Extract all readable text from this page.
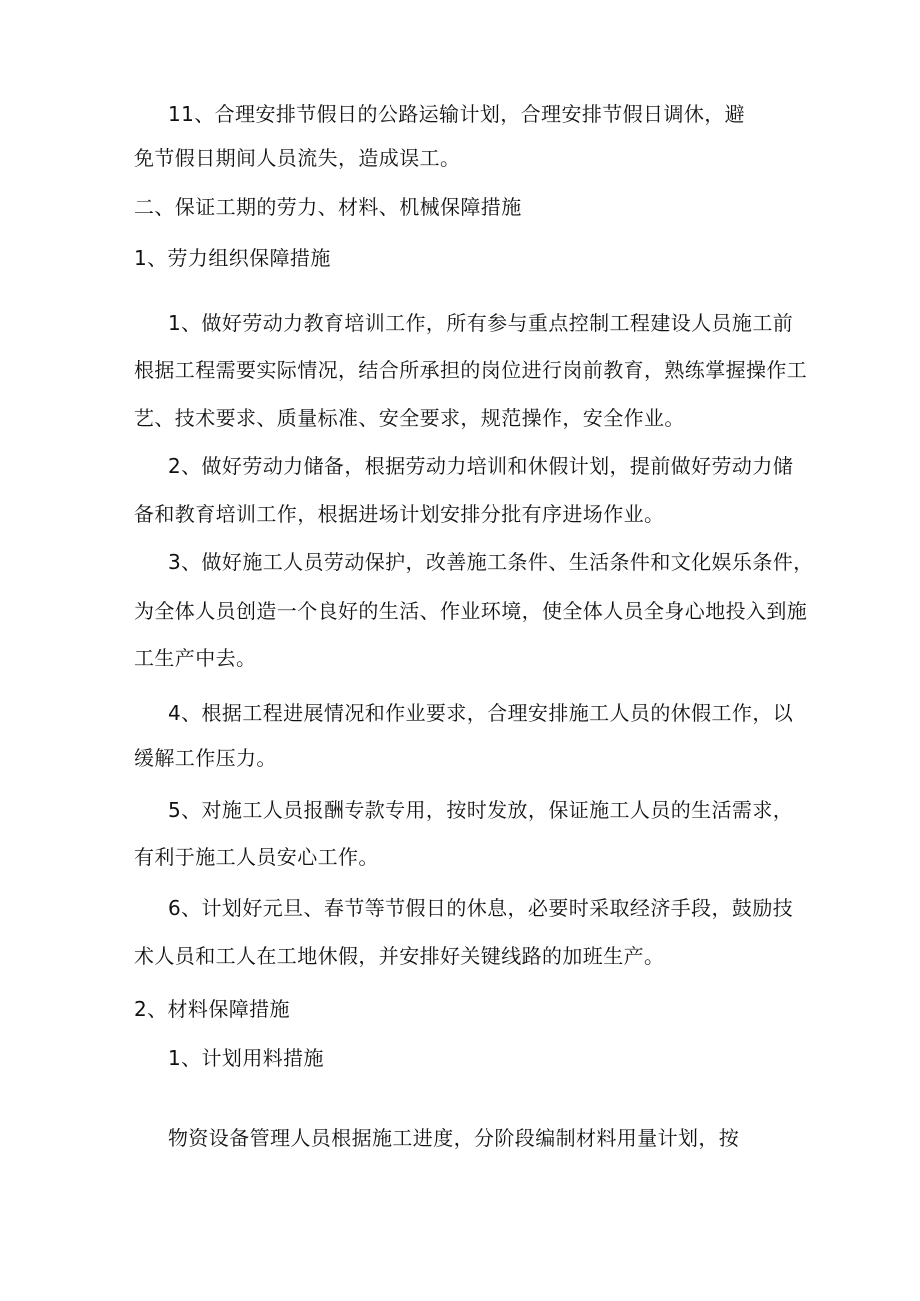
11、合理安排节假日的公路运输计划，合理安排节假日调休，避
免节假日期间人员流失，造成误工。
二、保证工期的劳力、材料、机械保障措施
1、劳力组织保障措施
1、做好劳动力教育培训工作，所有参与重点控制工程建设人员施工前
根据工程需要实际情况，结合所承担的岗位进行岗前教育，熟练掌握操作工
艺、技术要求、质量标准、安全要求，规范操作，安全作业。
2、做好劳动力储备，根据劳动力培训和休假计划，提前做好劳动力储
备和教育培训工作，根据进场计划安排分批有序进场作业。
3、做好施工人员劳动保护，改善施工条件、生活条件和文化娱乐条件，
为全体人员创造一个良好的生活、作业环境，使全体人员全身心地投入到施
工生产中去。
4、根据工程进展情况和作业要求，合理安排施工人员的休假工作，以
缓解工作压力。
5、对施工人员报酬专款专用，按时发放，保证施工人员的生活需求，
有利于施工人员安心工作。
6、计划好元旦、春节等节假日的休息，必要时采取经济手段，鼓励技
术人员和工人在工地休假，并安排好关键线路的加班生产。
2、材料保障措施
1、计划用料措施
物资设备管理人员根据施工进度，分阶段编制材料用量计划，按
